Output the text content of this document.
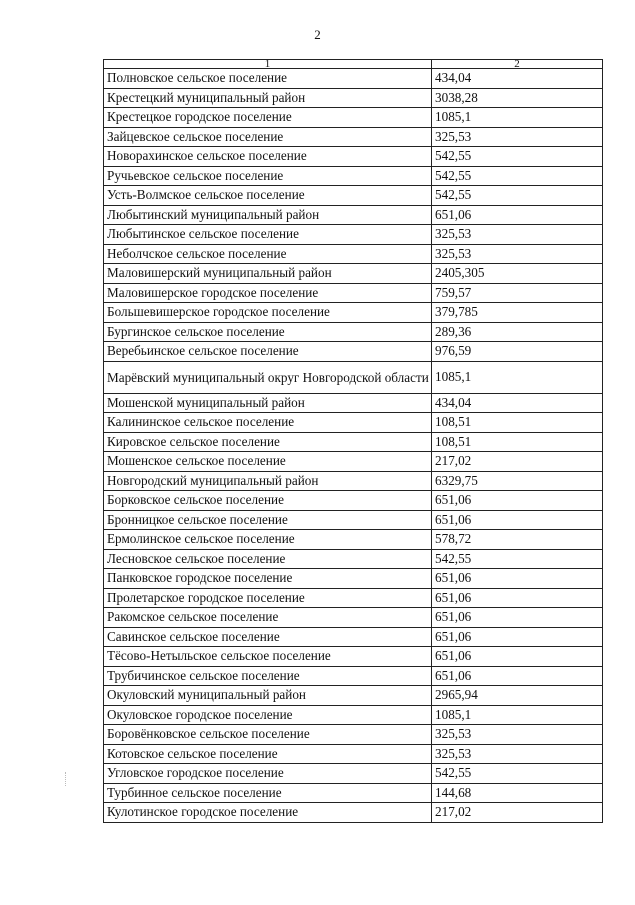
2
1	2
Полновское сельское поселение	434,04
Крестецкий муниципальный район	3038,28
Крестецкое городское поселение	1085,1
Зайцевское сельское поселение	325,53
Новорахинское сельское поселение	542,55
Ручьевское сельское поселение	542,55
Усть-Волмское сельское поселение	542,55
Любытинский муниципальный район	651,06
Любытинское сельское поселение	325,53
Неболчское сельское поселение	325,53
Маловишерский муниципальный район	2405,305
Маловишерское городское поселение	759,57
Большевишерское городское поселение	379,785
Бургинское сельское поселение	289,36
Веребьинское сельское поселение	976,59
Марёвский муниципальный округ Новгородской области	1085,1
Мошенской муниципальный район	434,04
Калининское сельское поселение	108,51
Кировское сельское поселение	108,51
Мошенское сельское поселение	217,02
Новгородский муниципальный район	6329,75
Борковское сельское поселение	651,06
Бронницкое сельское поселение	651,06
Ермолинское сельское поселение	578,72
Лесновское сельское поселение	542,55
Панковское городское поселение	651,06
Пролетарское городское поселение	651,06
Ракомское сельское поселение	651,06
Савинское сельское поселение	651,06
Тёсово-Нетыльское сельское поселение	651,06
Трубичинское сельское поселение	651,06
Окуловский муниципальный район	2965,94
Окуловское городское поселение	1085,1
Боровёнковское сельское поселение	325,53
Котовское сельское поселение	325,53
Угловское городское поселение	542,55
Турбинное сельское поселение	144,68
Кулотинское городское поселение	217,02
